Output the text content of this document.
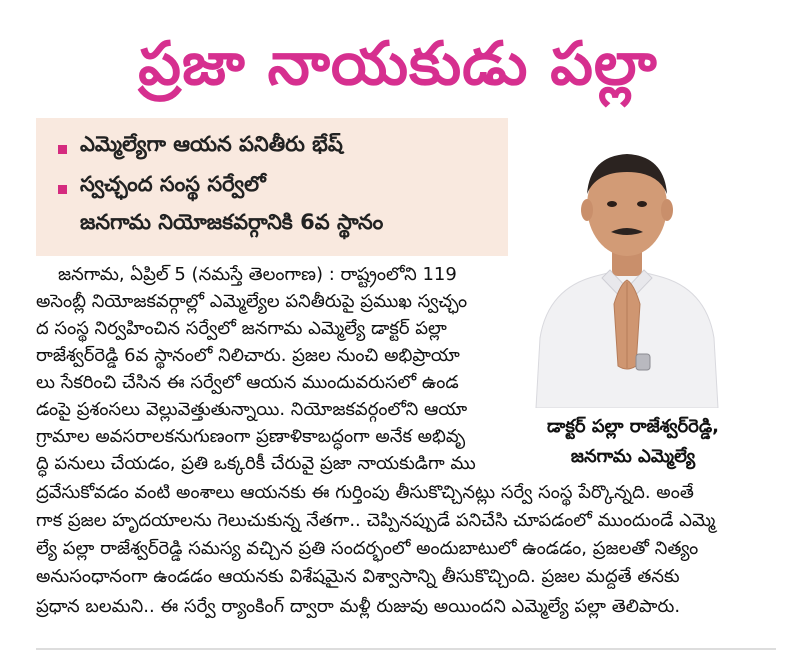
ప్రజా నాయకుడు పల్లా
ఎమ్మెల్యేగా ఆయన పనితీరు భేష్
స్వచ్ఛంద సంస్థ సర్వేలో
జనగామ నియోజకవర్గానికి 6వ స్థానం
డాక్టర్ పల్లా రాజేశ్వర్‌రెడ్డి,
జనగామ ఎమ్మెల్యే
జనగామ, ఏప్రిల్ 5 (నమస్తే తెలంగాణ) : రాష్ట్రంలోని 119
అసెంబ్లీ నియోజకవర్గాల్లో ఎమ్మెల్యేల పనితీరుపై ప్రముఖ స్వచ్ఛం
ద సంస్థ నిర్వహించిన సర్వేలో జనగామ ఎమ్మెల్యే డాక్టర్ పల్లా
రాజేశ్వర్‌రెడ్డి 6వ స్థానంలో నిలిచారు. ప్రజల నుంచి అభిప్రాయా
లు సేకరించి చేసిన ఈ సర్వేలో ఆయన ముందువరుసలో ఉండ
డంపై ప్రశంసలు వెల్లువెత్తుతున్నాయి. నియోజకవర్గంలోని ఆయా
గ్రామాల అవసరాలకనుగుణంగా ప్రణాళికాబద్ధంగా అనేక అభివృ
ద్ధి పనులు చేయడం, ప్రతి ఒక్కరికీ చేరువై ప్రజా నాయకుడిగా ము
ద్రవేసుకోవడం వంటి అంశాలు ఆయనకు ఈ గుర్తింపు తీసుకొచ్చినట్లు సర్వే సంస్థ పేర్కొన్నది. అంతే
గాక ప్రజల హృదయాలను గెలుచుకున్న నేతగా.. చెప్పినప్పుడే పనిచేసి చూపడంలో ముందుండే ఎమ్మె
ల్యే పల్లా రాజేశ్వర్‌రెడ్డి సమస్య వచ్చిన ప్రతి సందర్భంలో అందుబాటులో ఉండడం, ప్రజలతో నిత్యం
అనుసంధానంగా ఉండడం ఆయనకు విశేషమైన విశ్వాసాన్ని తీసుకొచ్చింది. ప్రజల మద్దతే తనకు
ప్రధాన బలమని.. ఈ సర్వే ర్యాంకింగ్ ద్వారా మళ్లీ రుజువు అయిందని ఎమ్మెల్యే పల్లా తెలిపారు.
